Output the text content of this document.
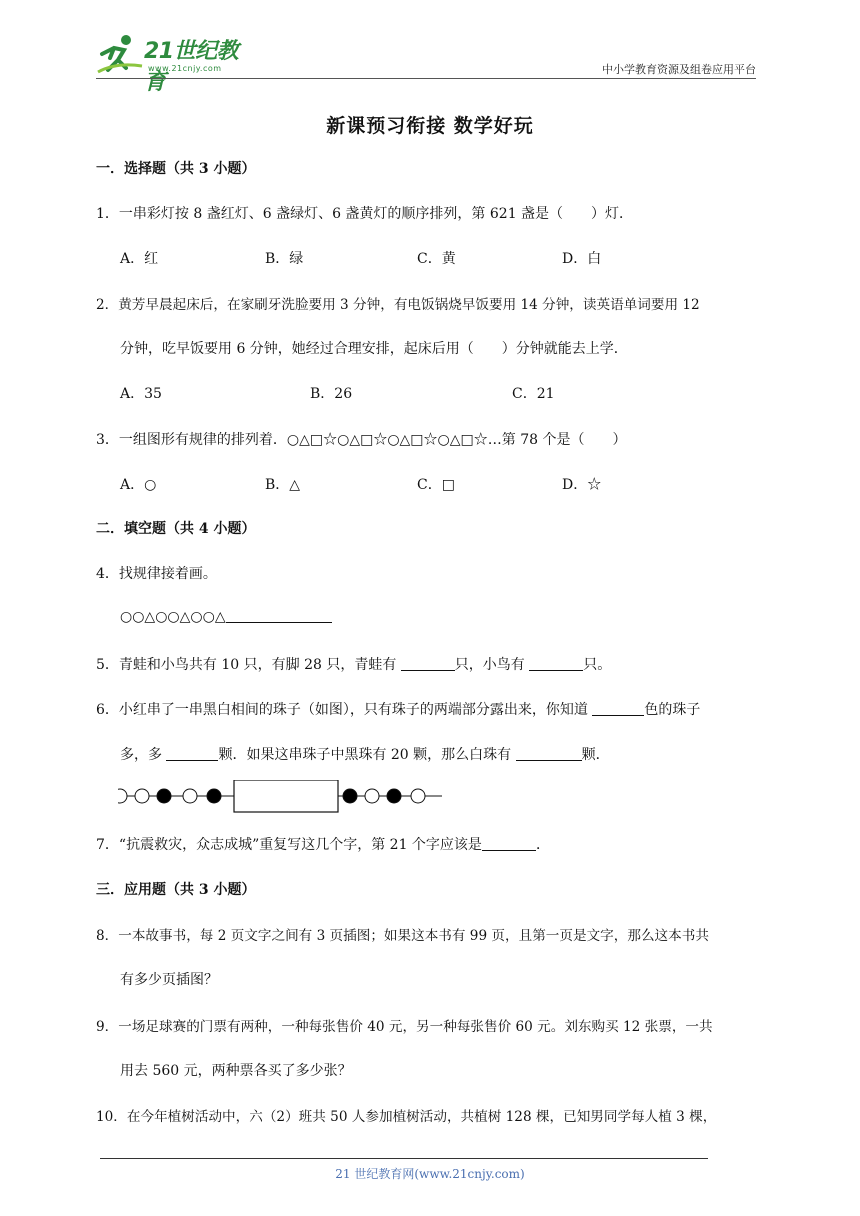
21世纪教育
www.21cnjy.com	中小学教育资源及组卷应用平台
新课预习衔接 数学好玩
一．选择题（共 3 小题）
1．一串彩灯按 8 盏红灯、6 盏绿灯、6 盏黄灯的顺序排列，第 621 盏是（　　）灯．
A．红	B．绿	C．黄	D．白
2．黄芳早晨起床后，在家刷牙洗脸要用 3 分钟，有电饭锅烧早饭要用 14 分钟，读英语单词要用 12
分钟，吃早饭要用 6 分钟，她经过合理安排，起床后用（　　）分钟就能去上学．
A．35	B．26	C．21
3．一组图形有规律的排列着．○△□☆○△□☆○△□☆○△□☆…第 78 个是（　　）
A．○	B．△	C．□	D．☆
二．填空题（共 4 小题）
4．找规律接着画。
○○△○○△○○△
5．青蛙和小鸟共有 10 只，有脚 28 只，青蛙有	只，小鸟有	只。
6．小红串了一串黑白相间的珠子（如图），只有珠子的两端部分露出来，你知道	色的珠子
多，多	颗．如果这串珠子中黑珠有 20 颗，那么白珠有	颗．
7．“抗震救灾，众志成城”重复写这几个字，第 21 个字应该是	．
三．应用题（共 3 小题）
8．一本故事书，每 2 页文字之间有 3 页插图；如果这本书有 99 页，且第一页是文字，那么这本书共
有多少页插图？
9．一场足球赛的门票有两种，一种每张售价 40 元，另一种每张售价 60 元。刘东购买 12 张票，一共
用去 560 元，两种票各买了多少张？
10．在今年植树活动中，六（2）班共 50 人参加植树活动，共植树 128 棵，已知男同学每人植 3 棵，
21 世纪教育网(www.21cnjy.com)
